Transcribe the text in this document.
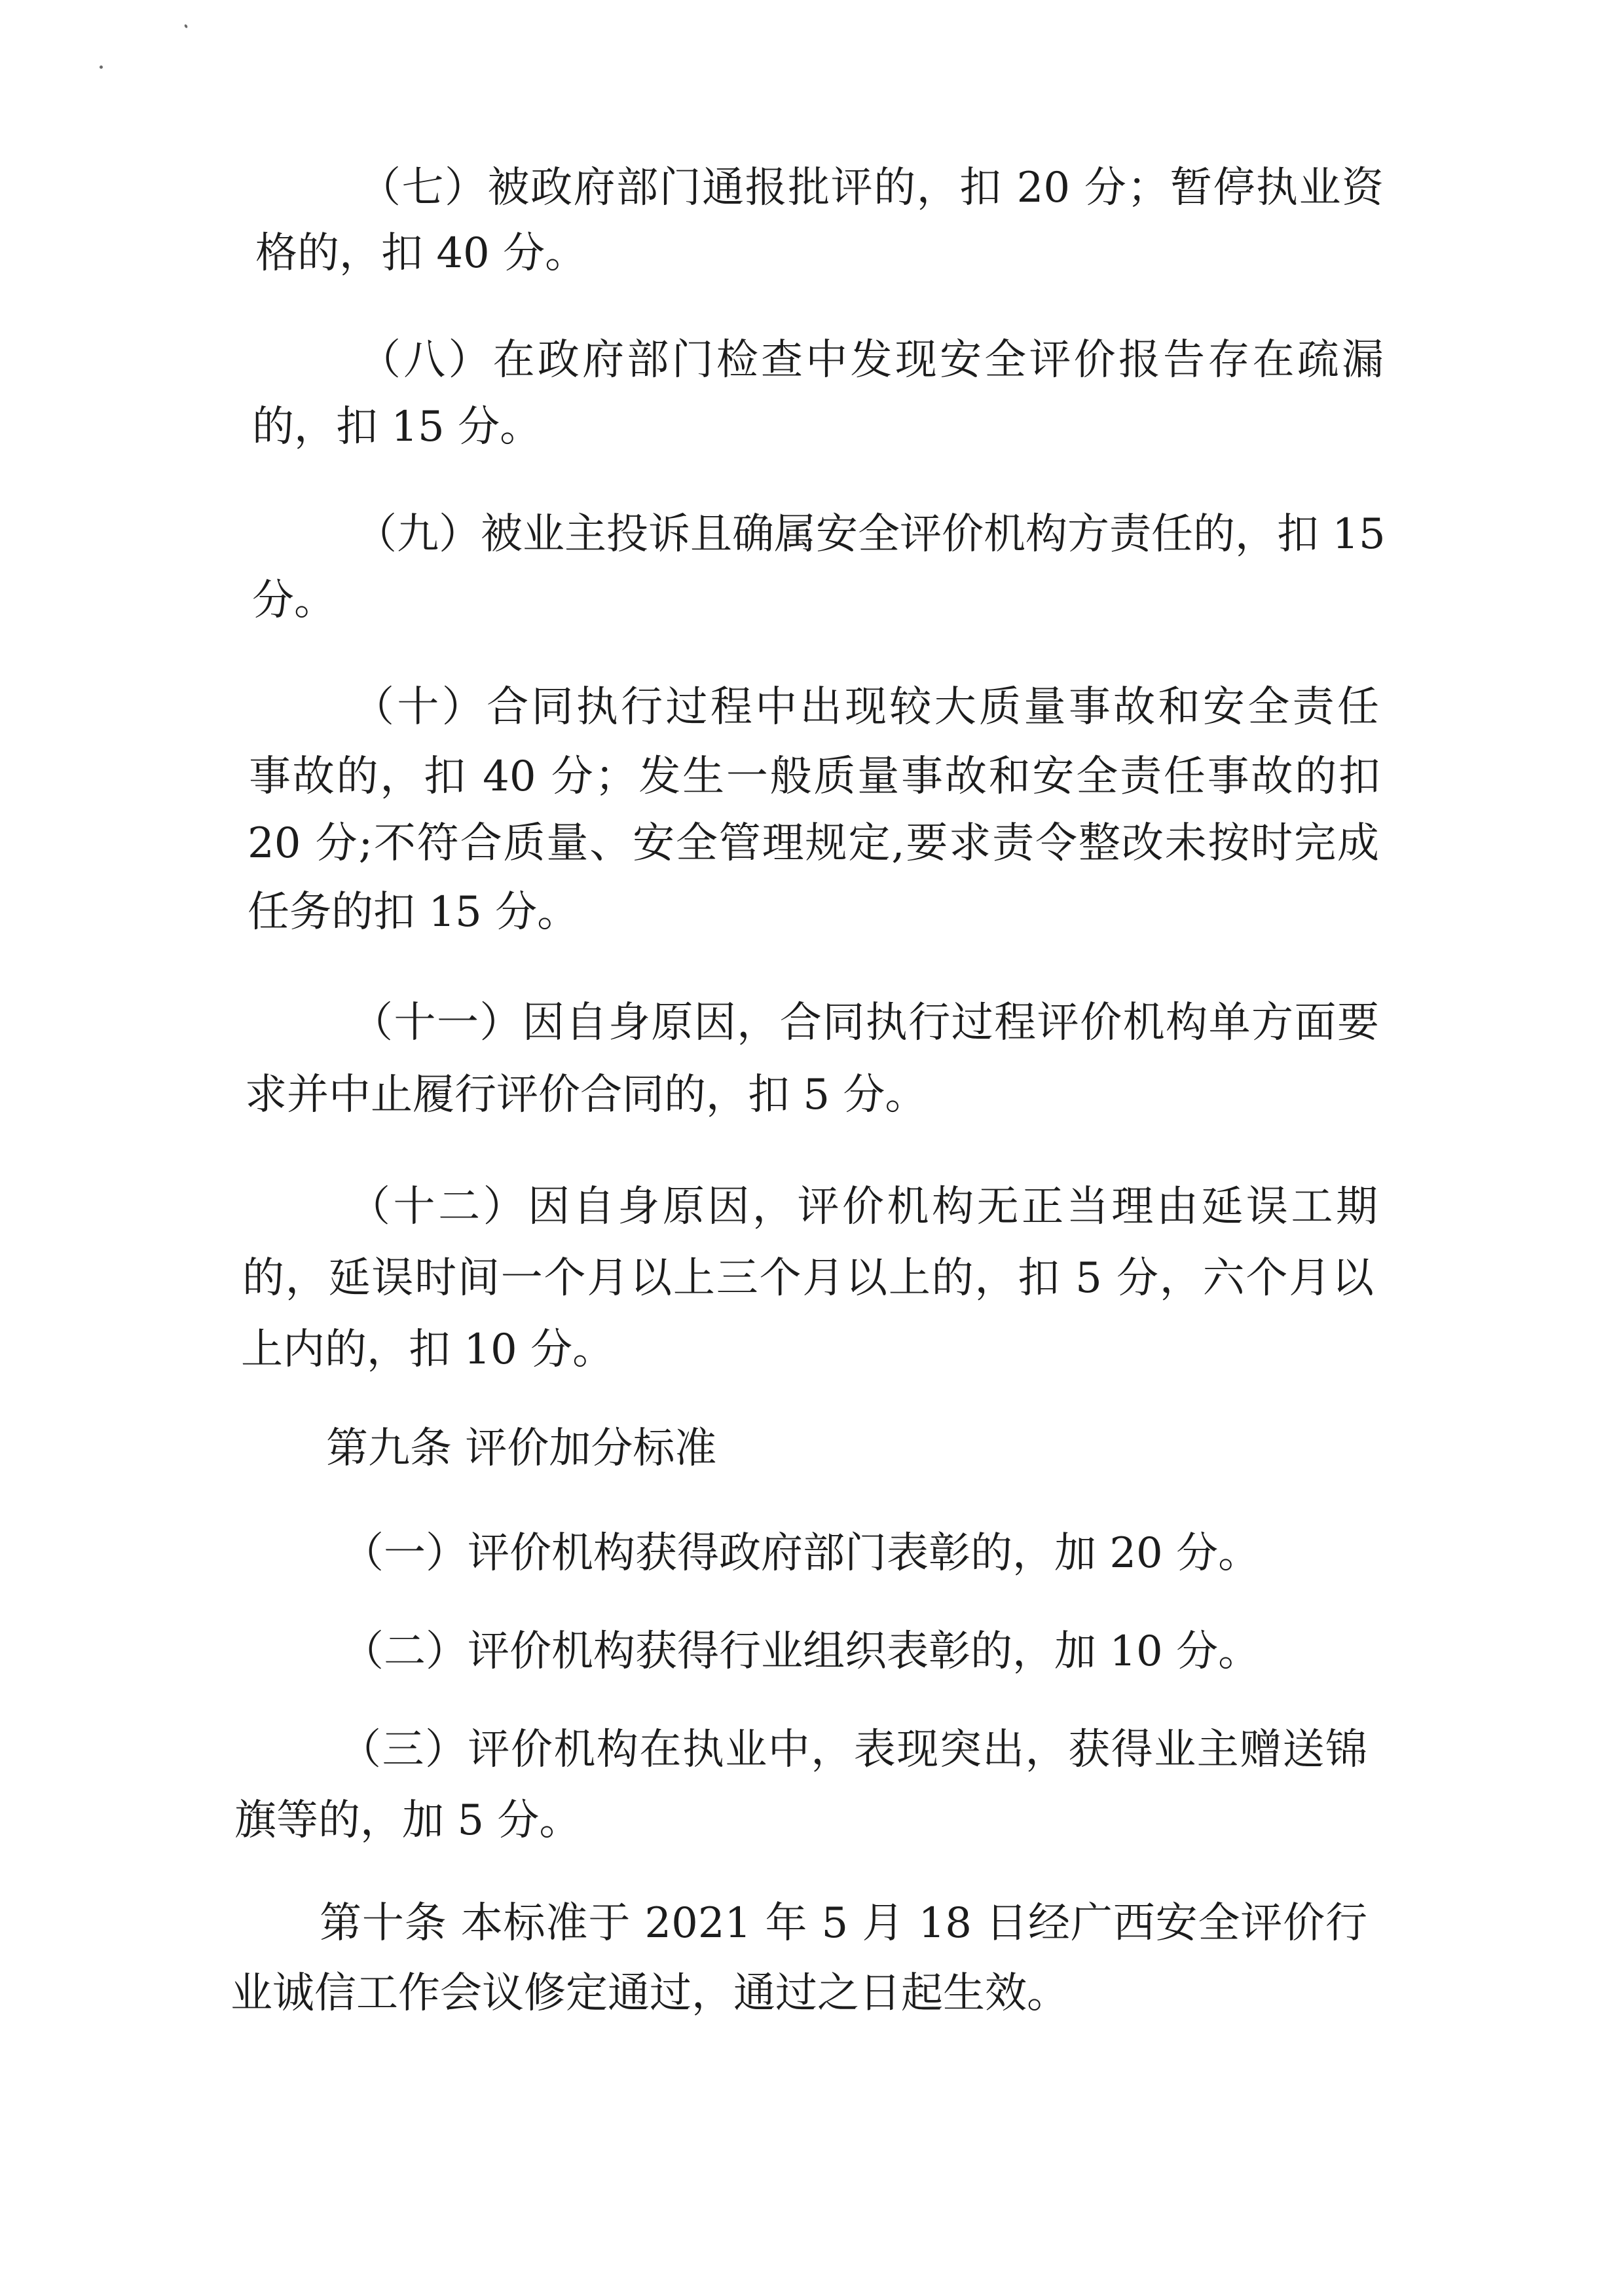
（七）被政府部门通报批评的，扣 20 分；暂停执业资
格的，扣 40 分。
（八）在政府部门检查中发现安全评价报告存在疏漏
的，扣 15 分。
（九）被业主投诉且确属安全评价机构方责任的，扣 15
分。
（十）合同执行过程中出现较大质量事故和安全责任
事故的，扣 40 分；发生一般质量事故和安全责任事故的扣
20 分;不符合质量、安全管理规定,要求责令整改未按时完成
任务的扣 15 分。
（十一）因自身原因，合同执行过程评价机构单方面要
求并中止履行评价合同的，扣 5 分。
（十二）因自身原因，评价机构无正当理由延误工期
的，延误时间一个月以上三个月以上的，扣 5 分，六个月以
上内的，扣 10 分。
第九条 评价加分标准
（一）评价机构获得政府部门表彰的，加 20 分。
（二）评价机构获得行业组织表彰的，加 10 分。
（三）评价机构在执业中，表现突出，获得业主赠送锦
旗等的，加 5 分。
第十条 本标准于 2021 年 5 月 18 日经广西安全评价行
业诚信工作会议修定通过，通过之日起生效。
